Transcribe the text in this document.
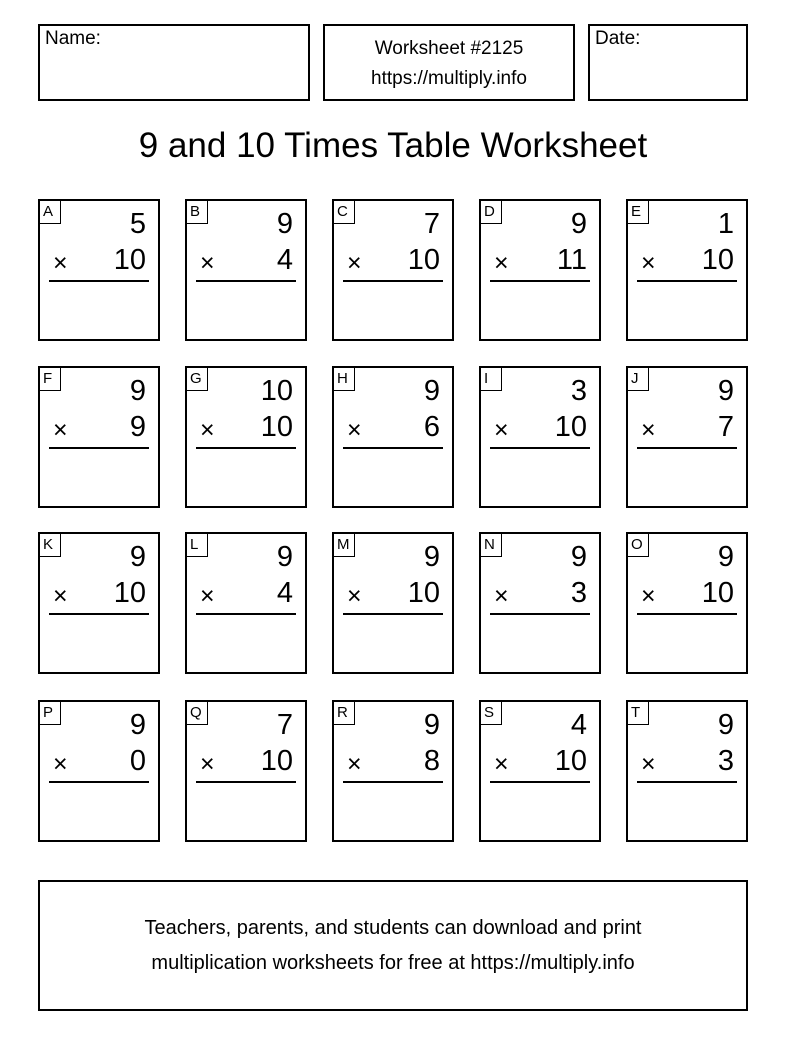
Name:	Worksheet #2125
https://multiply.info
Date:
9 and 10 Times Table Worksheet
A	5
× 10
B	9
× 4
C	7
× 10
D	9
× 11
E	1
× 10
F	9
× 9
G 10
× 10
H	9
× 6
I	3
× 10
J	9
× 7
K	9
× 10
L	9
× 4
M	9
× 10
N	9
× 3
O	9
× 10
P	9
× 0
Q	7
× 10
R	9
× 8
S	4
× 10
T	9
× 3
Teachers, parents, and students can download and print
multiplication worksheets for free at https://multiply.info
